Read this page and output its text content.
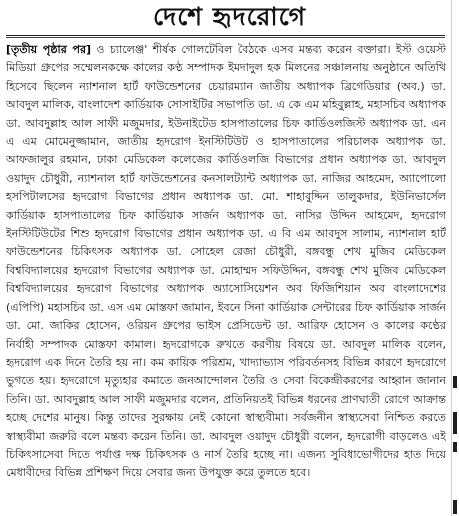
দেশে হৃদরোগে

[তৃতীয় পৃষ্ঠার পর] ও চ্যালেঞ্জ' শীর্ষক গোলটেবিল বৈঠকে এসব মন্তব্য করেন বক্তারা। ইস্ট ওয়েস্ট মিডিয়া গ্রুপের সম্মেলনকক্ষে কালের কণ্ঠ সম্পাদক ইমদাদুল হক মিলনের সঞ্চালনায় অনুষ্ঠানে অতিথি হিসেবে ছিলেন ন্যাশনাল হার্ট ফাউন্ডেশনের চেয়ারম্যান জাতীয় অধ্যাপক ব্রিগেডিয়ার (অব.) ডা. আবদুল মালিক, বাংলাদেশ কার্ডিয়াক সোসাইটির সভাপতি ডা. এ কে এম মহিবুল্লাহ, মহাসচিব অধ্যাপক ডা. আবদুল্লাহ আল সাফী মজুমদার, ইউনাইটেড হাসপাতালের চিফ কার্ডিওলজিস্ট অধ্যাপক ডা. এন এ এম মোমেনুজ্জামান, জাতীয় হৃদরোগ ইনস্টিটিউট ও হাসপাতালের পরিচালক অধ্যাপক ডা. আফজালুর রহমান, ঢাকা মেডিকেল কলেজের কার্ডিওলজি বিভাগের প্রধান অধ্যাপক ডা. আবদুল ওয়াদুদ চৌধুরী, ন্যাশনাল হার্ট ফাউন্ডেশনের কনসালট্যান্ট অধ্যাপক ডা. নাজির আহমেদ, অ্যাপোলো হসপিটালসের হৃদরোগ বিভাগের প্রধান অধ্যাপক ডা. মো. শাহাবুদ্দিন তালুকদার, ইউনিভার্সেল কার্ডিয়াক হাসপাতালের চিফ কার্ডিয়াক সার্জন অধ্যাপক ডা. নাসির উদ্দিন আহমেদ, হৃদরোগ ইনস্টিটিউটের শিশু হৃদরোগ বিভাগের প্রধান অধ্যাপক ডা. এ বি এম আবদুস সালাম, ন্যাশনাল হার্ট ফাউন্ডেশনের চিকিৎসক অধ্যাপক ডা. সোহেল রেজা চৌধুরী, বঙ্গবন্ধু শেখ মুজিব মেডিকেল বিশ্ববিদ্যালয়ের হৃদরোগ বিভাগের অধ্যাপক ডা. মোহাম্মদ সফিউদ্দিন, বঙ্গবন্ধু শেখ মুজিব মেডিকেল বিশ্ববিদ্যালয়ের হৃদরোগ বিভাগের অধ্যাপক অ্যাসোসিয়েশন অব ফিজিশিয়ান অব বাংলাদেশের (এপিপি) মহাসচিব ডা. এস এম মোস্তফা জামান, ইবনে সিনা কার্ডিয়াক সেন্টারের চিফ কার্ডিয়াক সার্জন ডা. মো. জাকির হোসেন, ওরিয়ন গ্রুপের ভাইস প্রেসিডেন্ট ডা. আরিফ হোসেন ও কালের কণ্ঠের নির্বাহী সম্পাদক মোস্তফা কামাল। হৃদরোগকে রুখতে করণীয় বিষয়ে ডা. আবদুল মালিক বলেন, হৃদরোগ এক দিনে তৈরি হয় না। কম কায়িক পরিশ্রম, খাদ্যাভ্যাস পরিবর্তনসহ বিভিন্ন কারণে হৃদরোগে ভুগতে হয়। হৃদরোগে মৃত্যুহার কমাতে জনআন্দোলন তৈরি ও সেবা বিকেন্দ্রীকরণের আহ্বান জানান তিনি। ডা. আবদুল্লাহ আল সাফী মজুমদার বলেন, প্রতিনিয়তই বিভিন্ন ধরনের প্রাণঘাতী রোগে আক্রান্ত হচ্ছে দেশের মানুষ। কিন্তু তাদের সুরক্ষায় নেই কোনো স্বাস্থ্যবীমা। সর্বজনীন স্বাস্থ্যসেবা নিশ্চিত করতে স্বাস্থ্যবীমা জরুরি বলে মন্তব্য করেন তিনি। ডা. আবদুল ওয়াদুদ চৌধুরী বলেন, হৃদরোগী বাড়লেও এই চিকিৎসাসেবা দিতে পর্যাপ্ত দক্ষ চিকিৎসক ও নার্স তৈরি হচ্ছে না। এজন্য সুবিধাভোগীদের হাত দিয়ে মেধাবীদের বিভিন্ন প্রশিক্ষণ দিয়ে সেবার জন্য উপযুক্ত করে তুলতে হবে।
